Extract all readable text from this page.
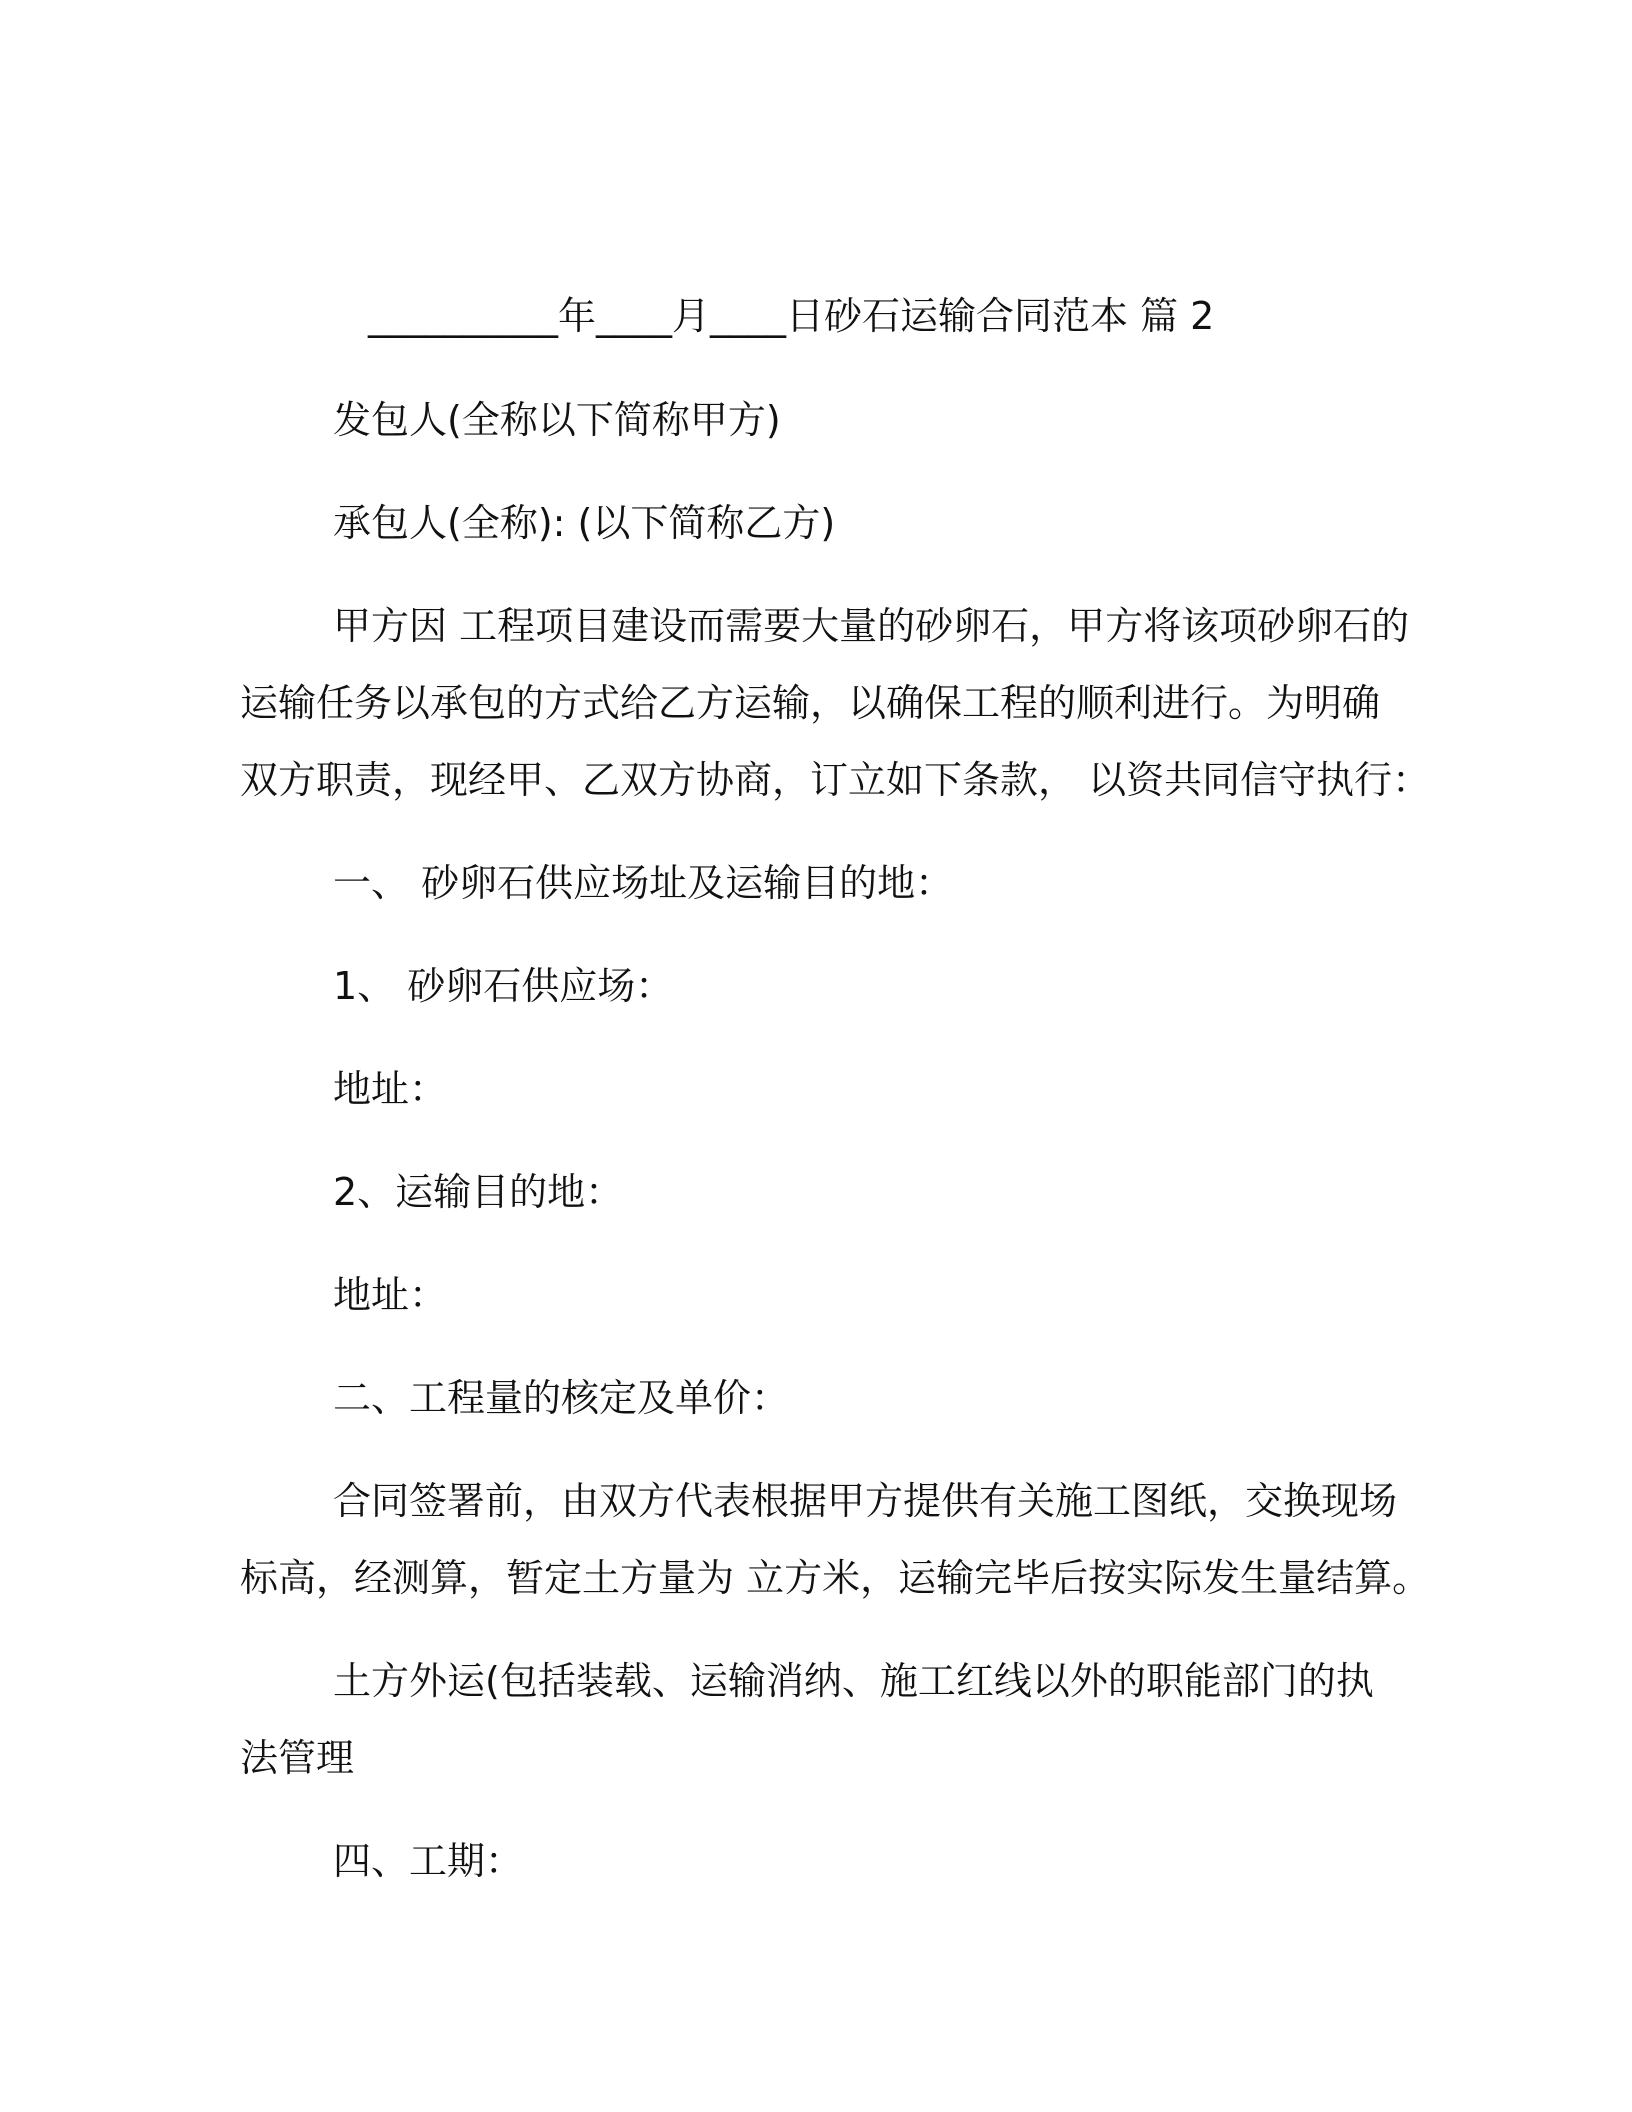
__________年____月____日砂石运输合同范本 篇 2
发包人(全称以下简称甲方)
承包人(全称): (以下简称乙方)
甲方因 工程项目建设而需要大量的砂卵石，甲方将该项砂卵石的
运输任务以承包的方式给乙方运输，以确保工程的顺利进行。为明确
双方职责，现经甲、乙双方协商，订立如下条款， 以资共同信守执行：
一、 砂卵石供应场址及运输目的地：
1、 砂卵石供应场：
地址：
2、运输目的地：
地址：
二、工程量的核定及单价：
合同签署前，由双方代表根据甲方提供有关施工图纸，交换现场
标高，经测算，暂定土方量为 立方米，运输完毕后按实际发生量结算。
土方外运(包括装载、运输消纳、施工红线以外的职能部门的执
法管理
四、工期：
